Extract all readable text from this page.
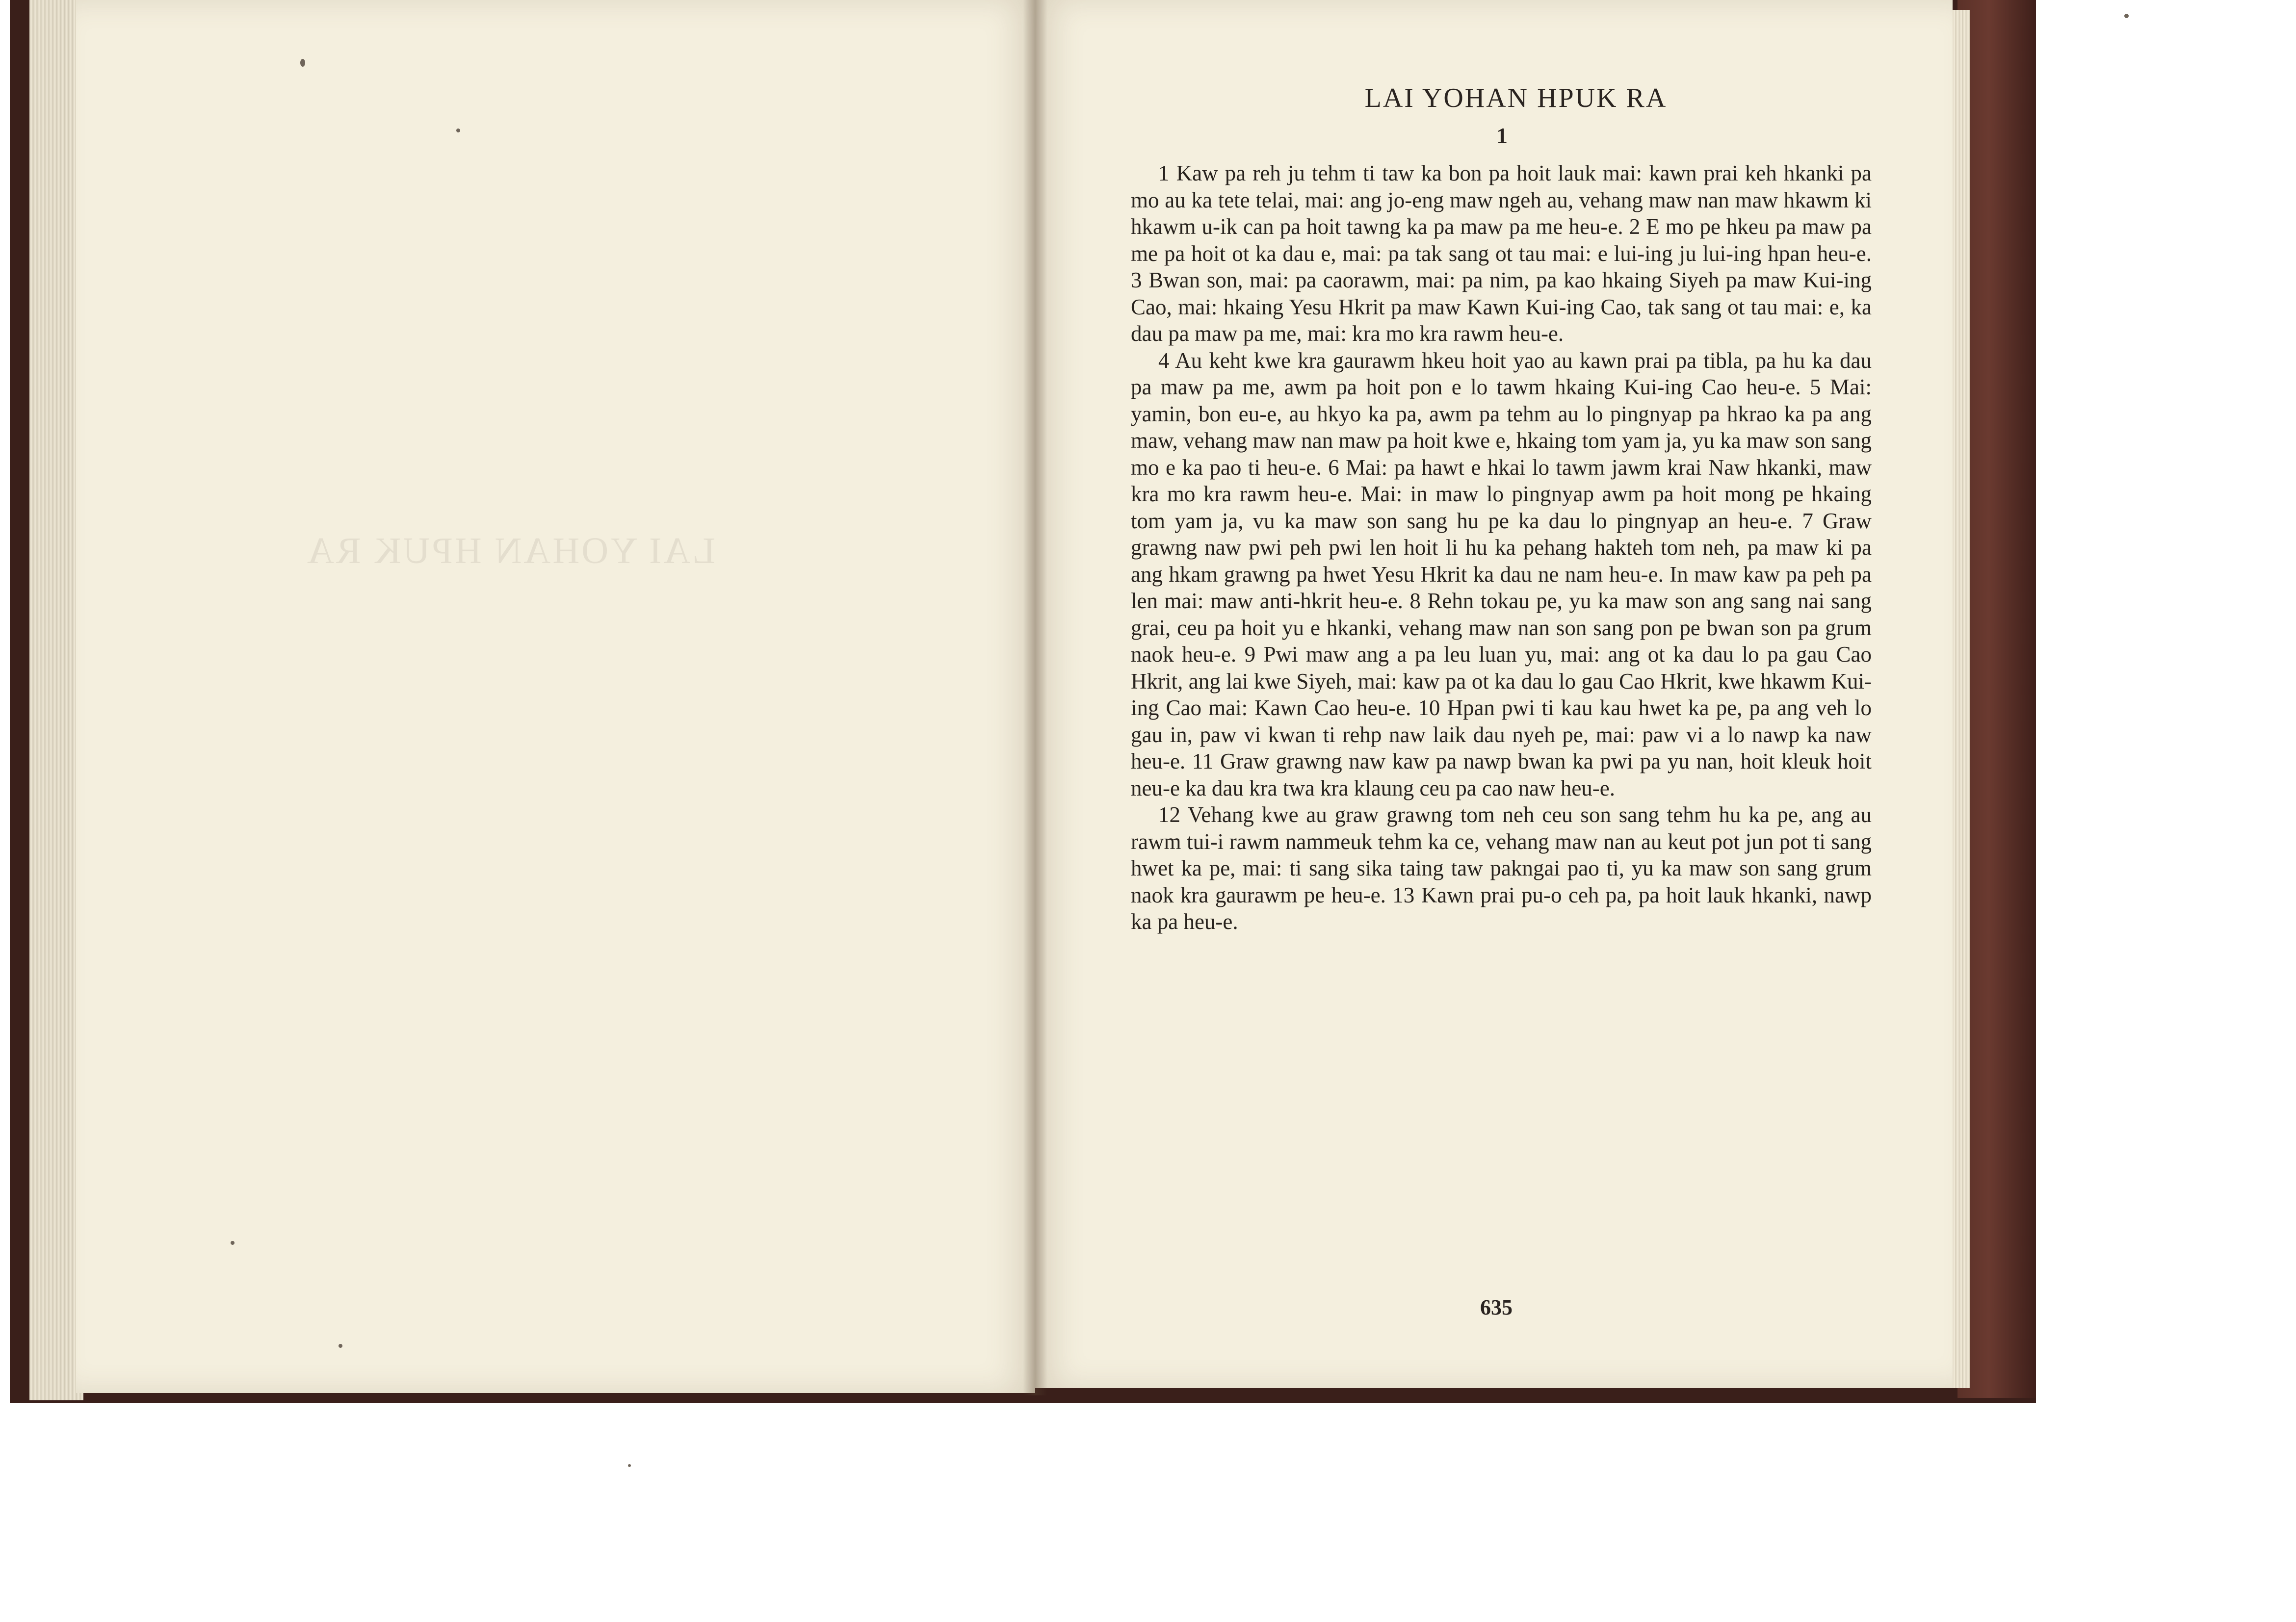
LAI YOHAN HPUK RA
LAI YOHAN HPUK RA
1

1 Kaw pa reh ju tehm ti taw ka bon pa hoit lauk mai: kawn prai keh hkanki pa mo au ka tete telai, mai: ang jo-eng maw ngeh au, vehang maw nan maw hkawm ki hkawm u-ik can pa hoit tawng ka pa maw pa me heu-e. 2 E mo pe hkeu pa maw pa me pa hoit ot ka dau e, mai: pa tak sang ot tau mai: e lui-ing ju lui-ing hpan heu-e. 3 Bwan son, mai: pa caorawm, mai: pa nim, pa kao hkaing Siyeh pa maw Kui-ing Cao, mai: hkaing Yesu Hkrit pa maw Kawn Kui-ing Cao, tak sang ot tau mai: e, ka dau pa maw pa me, mai: kra mo kra rawm heu-e.

4 Au keht kwe kra gaurawm hkeu hoit yao au kawn prai pa tibla, pa hu ka dau pa maw pa me, awm pa hoit pon e lo tawm hkaing Kui-ing Cao heu-e. 5 Mai: yamin, bon eu-e, au hkyo ka pa, awm pa tehm au lo pingnyap pa hkrao ka pa ang maw, vehang maw nan maw pa hoit kwe e, hkaing tom yam ja, yu ka maw son sang mo e ka pao ti heu-e. 6 Mai: pa hawt e hkai lo tawm jawm krai Naw hkanki, maw kra mo kra rawm heu-e. Mai: in maw lo pingnyap awm pa hoit mong pe hkaing tom yam ja, vu ka maw son sang hu pe ka dau lo pingnyap an heu-e. 7 Graw grawng naw pwi peh pwi len hoit li hu ka pehang hakteh tom neh, pa maw ki pa ang hkam grawng pa hwet Yesu Hkrit ka dau ne nam heu-e. In maw kaw pa peh pa len mai: maw anti-hkrit heu-e. 8 Rehn tokau pe, yu ka maw son ang sang nai sang grai, ceu pa hoit yu e hkanki, vehang maw nan son sang pon pe bwan son pa grum naok heu-e. 9 Pwi maw ang a pa leu luan yu, mai: ang ot ka dau lo pa gau Cao Hkrit, ang lai kwe Siyeh, mai: kaw pa ot ka dau lo gau Cao Hkrit, kwe hkawm Kui-ing Cao mai: Kawn Cao heu-e. 10 Hpan pwi ti kau kau hwet ka pe, pa ang veh lo gau in, paw vi kwan ti rehp naw laik dau nyeh pe, mai: paw vi a lo nawp ka naw heu-e. 11 Graw grawng naw kaw pa nawp bwan ka pwi pa yu nan, hoit kleuk hoit neu-e ka dau kra twa kra klaung ceu pa cao naw heu-e.

12 Vehang kwe au graw grawng tom neh ceu son sang tehm hu ka pe, ang au rawm tui-i rawm nammeuk tehm ka ce, vehang maw nan au keut pot jun pot ti sang hwet ka pe, mai: ti sang sika taing taw pakngai pao ti, yu ka maw son sang grum naok kra gaurawm pe heu-e. 13 Kawn prai pu-o ceh pa, pa hoit lauk hkanki, nawp ka pa heu-e.

635
